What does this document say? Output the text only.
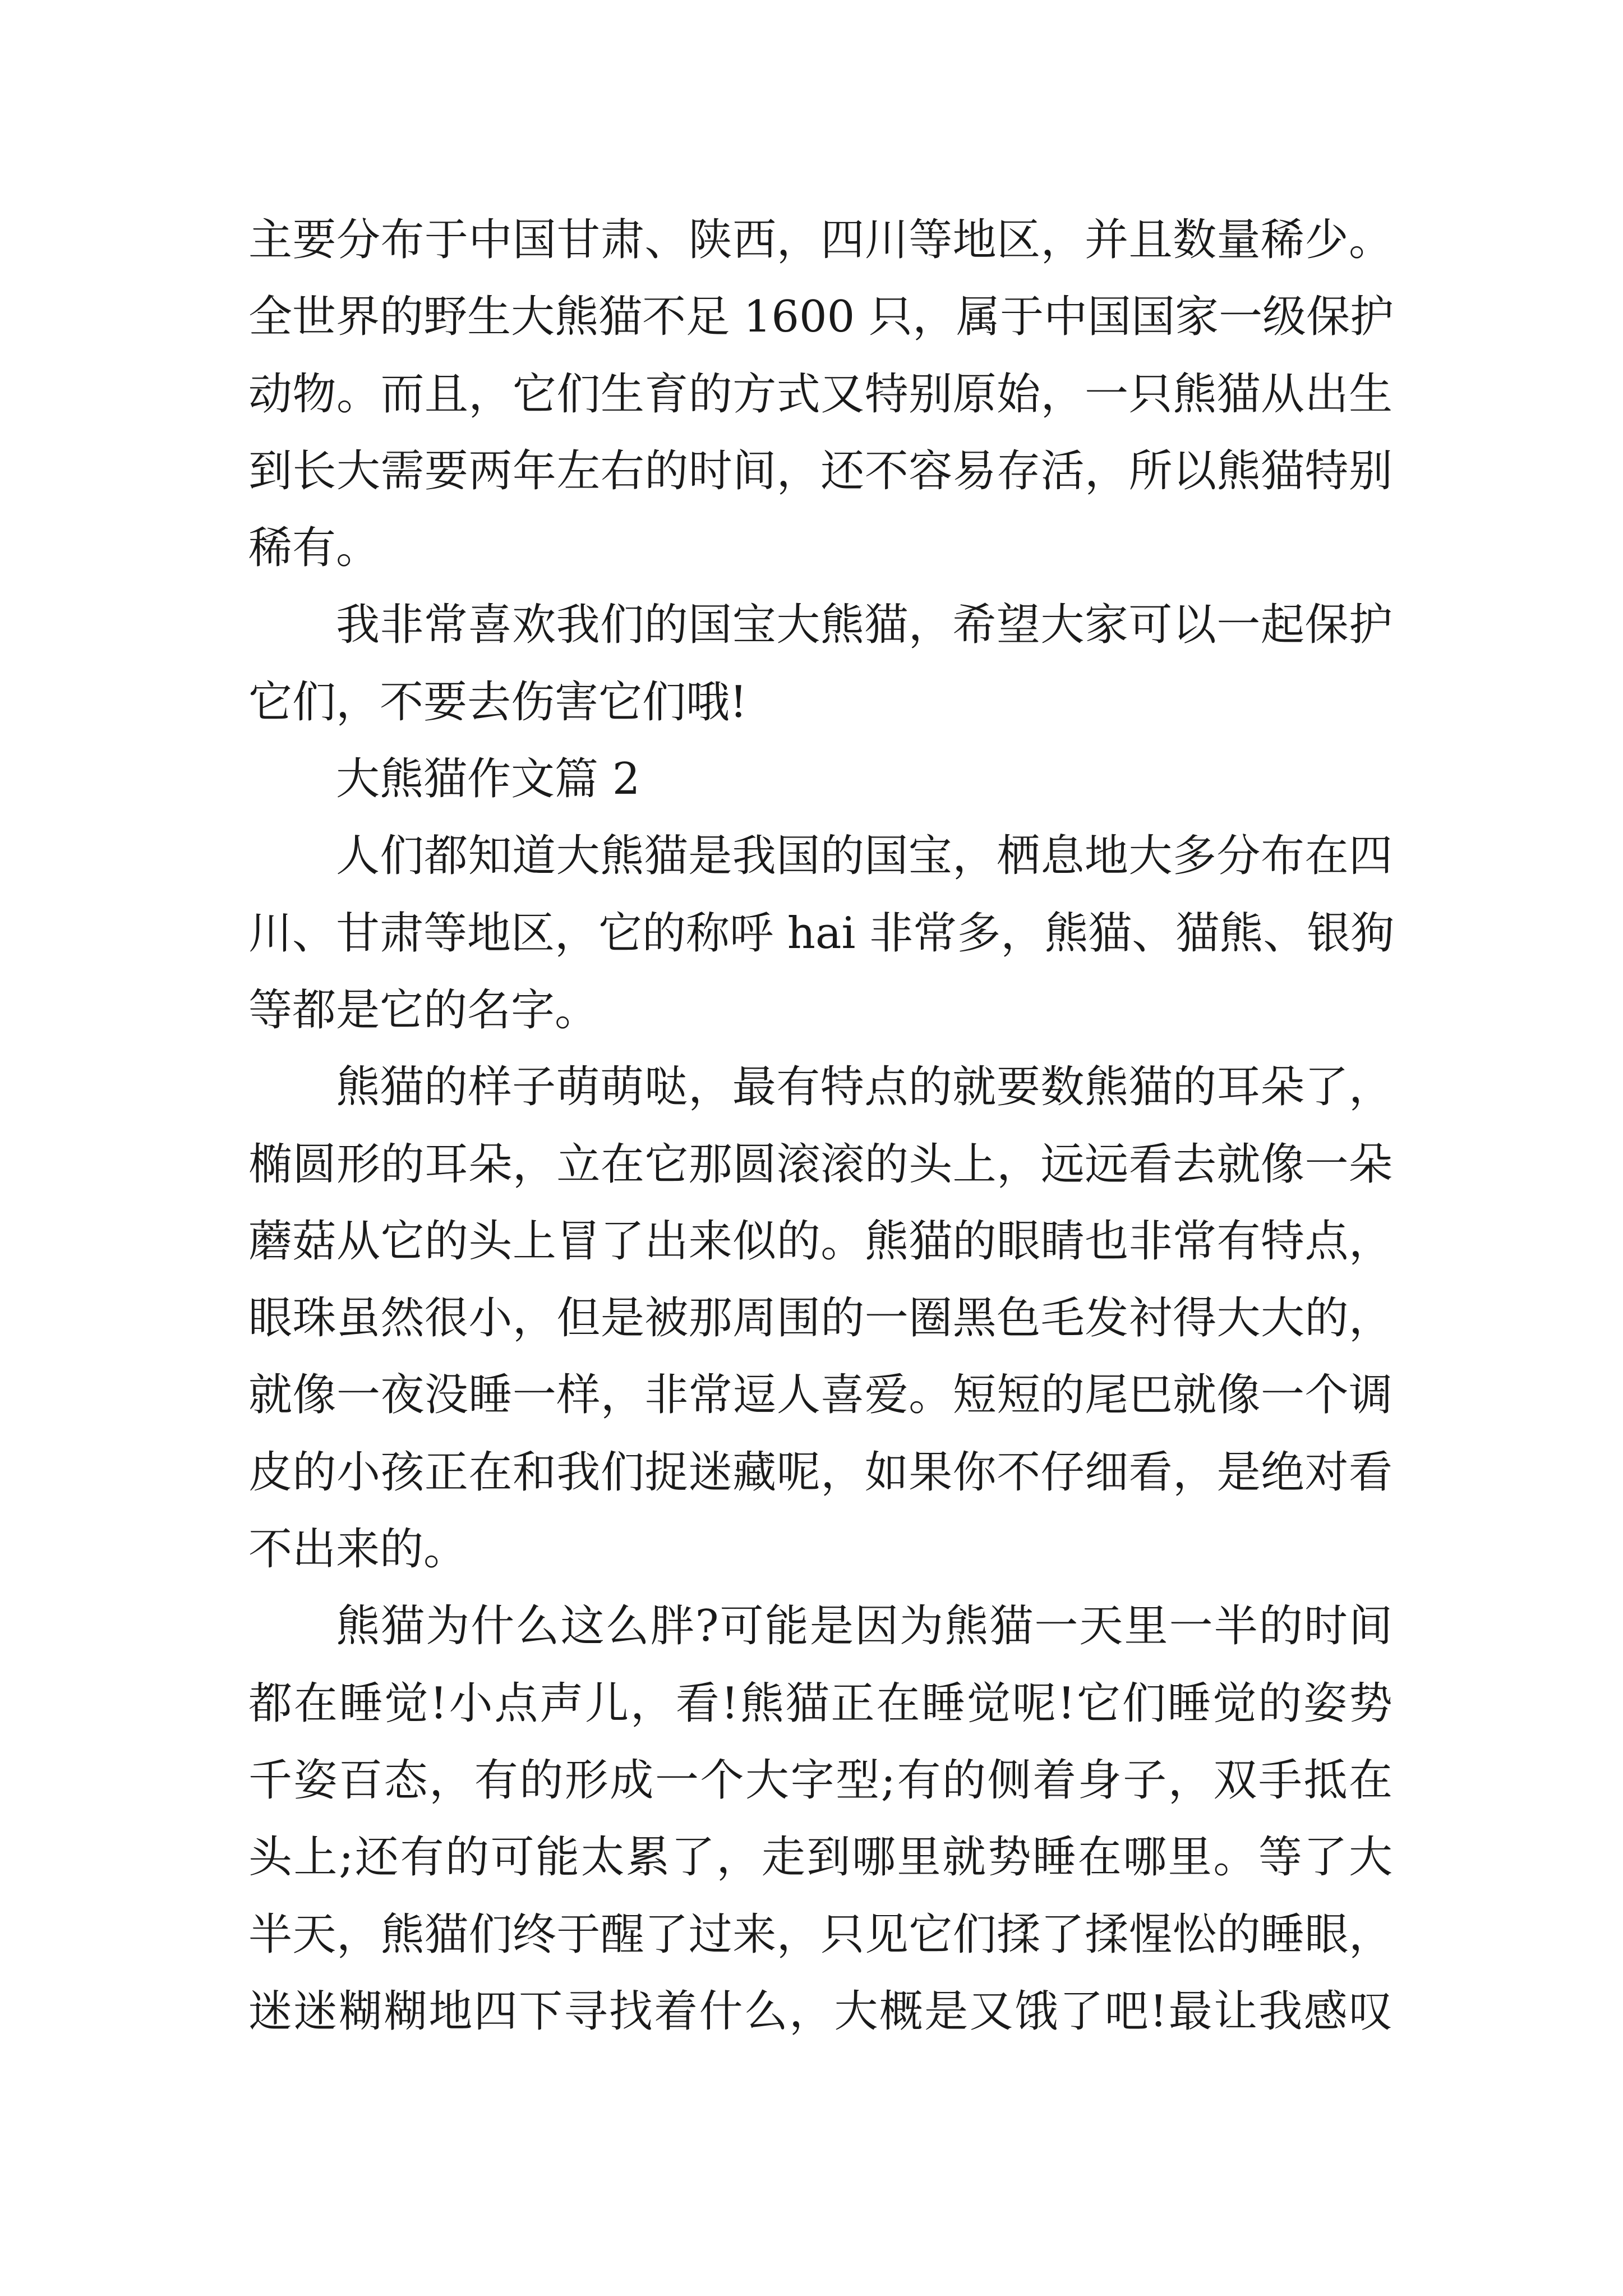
主要分布于中国甘肃、陕西，四川等地区，并且数量稀少。
全世界的野生大熊猫不足 1600 只，属于中国国家一级保护
动物。而且，它们生育的方式又特别原始，一只熊猫从出生
到长大需要两年左右的时间，还不容易存活，所以熊猫特别
稀有。
我非常喜欢我们的国宝大熊猫，希望大家可以一起保护
它们，不要去伤害它们哦!
大熊猫作文篇 2
人们都知道大熊猫是我国的国宝，栖息地大多分布在四
川、甘肃等地区，它的称呼 hai 非常多，熊猫、猫熊、银狗
等都是它的名字。
熊猫的样子萌萌哒，最有特点的就要数熊猫的耳朵了，
椭圆形的耳朵，立在它那圆滚滚的头上，远远看去就像一朵
蘑菇从它的头上冒了出来似的。熊猫的眼睛也非常有特点，
眼珠虽然很小，但是被那周围的一圈黑色毛发衬得大大的，
就像一夜没睡一样，非常逗人喜爱。短短的尾巴就像一个调
皮的小孩正在和我们捉迷藏呢，如果你不仔细看，是绝对看
不出来的。
熊猫为什么这么胖?可能是因为熊猫一天里一半的时间
都在睡觉!小点声儿，看!熊猫正在睡觉呢!它们睡觉的姿势
千姿百态，有的形成一个大字型;有的侧着身子，双手抵在
头上;还有的可能太累了，走到哪里就势睡在哪里。等了大
半天，熊猫们终于醒了过来，只见它们揉了揉惺忪的睡眼，
迷迷糊糊地四下寻找着什么，大概是又饿了吧!最让我感叹
